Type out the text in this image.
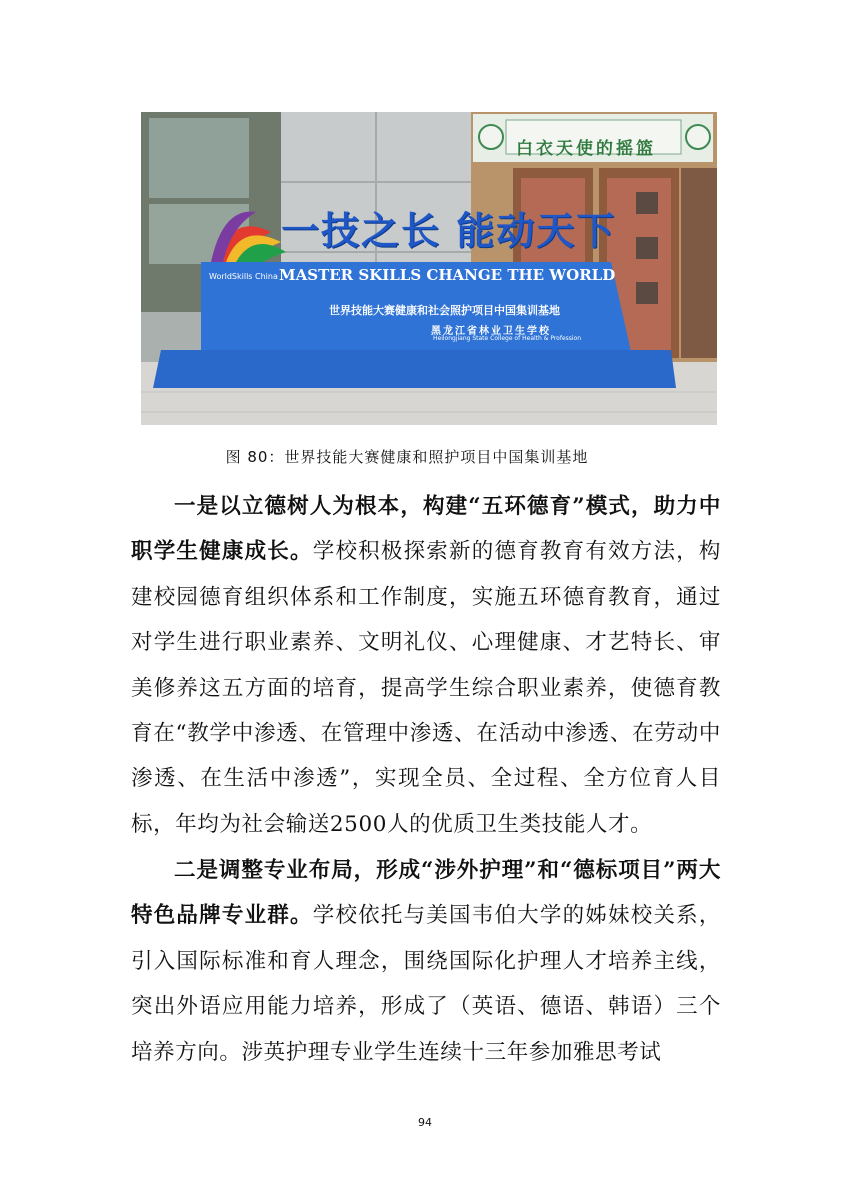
一技之长 能动天下
MASTER SKILLS CHANGE THE WORLD
世界技能大赛健康和社会照护项目中国集训基地
黑龙江省林业卫生学校
Heilongjiang State College of Health & Profession
白衣天使的摇篮
WorldSkills China
图 80：世界技能大赛健康和照护项目中国集训基地

一是以立德树人为根本，构建“五环德育”模式，助力中职学生健康成长。学校积极探索新的德育教育有效方法，构建校园德育组织体系和工作制度，实施五环德育教育，通过对学生进行职业素养、文明礼仪、心理健康、才艺特长、审美修养这五方面的培育，提高学生综合职业素养，使德育教育在“教学中渗透、在管理中渗透、在活动中渗透、在劳动中渗透、在生活中渗透”，实现全员、全过程、全方位育人目标，年均为社会输送2500人的优质卫生类技能人才。

二是调整专业布局，形成“涉外护理”和“德标项目”两大特色品牌专业群。学校依托与美国韦伯大学的姊妹校关系，引入国际标准和育人理念，围绕国际化护理人才培养主线，突出外语应用能力培养，形成了（英语、德语、韩语）三个培养方向。涉英护理专业学生连续十三年参加雅思考试

94
